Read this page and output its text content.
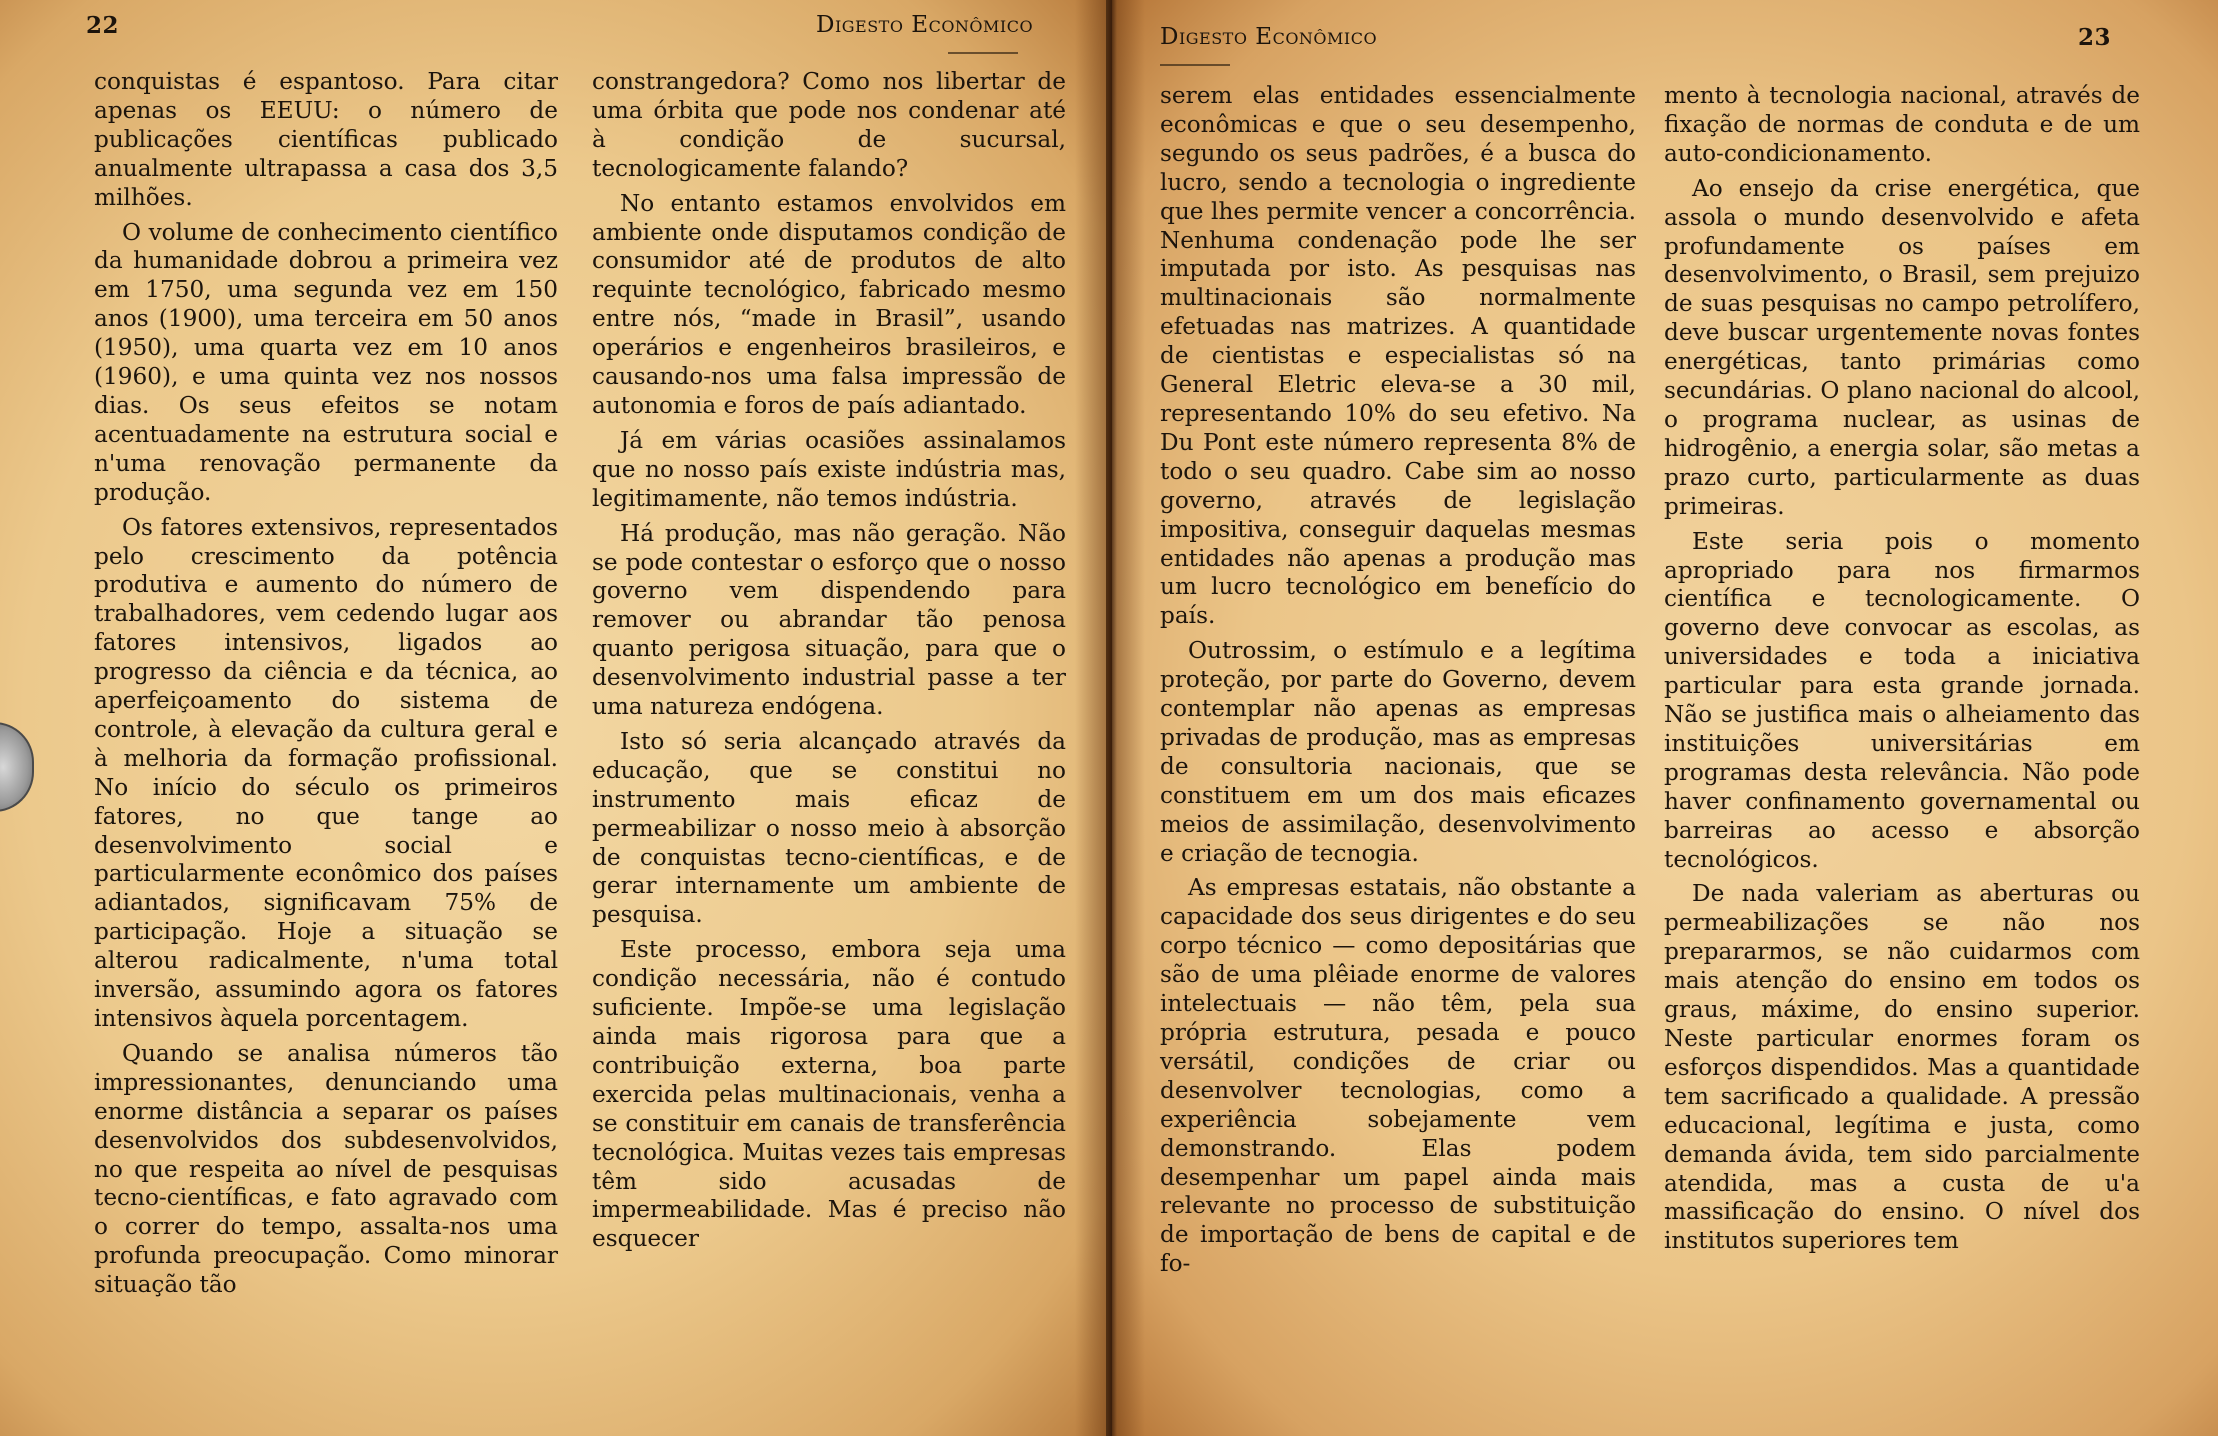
22	Digesto Econômico

conquistas é espantoso. Para citar apenas os EEUU: o número de publicações científicas publicado anualmente ultrapassa a casa dos 3,5 milhões.

O volume de conhecimento científico da humanidade dobrou a primeira vez em 1750, uma segunda vez em 150 anos (1900), uma terceira em 50 anos (1950), uma quarta vez em 10 anos (1960), e uma quinta vez nos nossos dias. Os seus efeitos se notam acentuadamente na estrutura social e n'uma renovação permanente da produção.

Os fatores extensivos, representados pelo crescimento da potência produtiva e aumento do número de trabalhadores, vem cedendo lugar aos fatores intensivos, ligados ao progresso da ciência e da técnica, ao aperfeiçoamento do sistema de controle, à elevação da cultura geral e à melhoria da formação profissional. No início do século os primeiros fatores, no que tange ao desenvolvimento social e particularmente econômico dos países adiantados, significavam 75% de participação. Hoje a situação se alterou radicalmente, n'uma total inversão, assumindo agora os fatores intensivos àquela porcentagem.

Quando se analisa números tão impressionantes, denunciando uma enorme distância a separar os países desenvolvidos dos subdesenvolvidos, no que respeita ao nível de pesquisas tecno-científicas, e fato agravado com o correr do tempo, assalta-nos uma profunda preocupação. Como minorar situação tão

constrangedora? Como nos libertar de uma órbita que pode nos condenar até à condição de sucursal, tecnologicamente falando?

No entanto estamos envolvidos em ambiente onde disputamos condição de consumidor até de produtos de alto requinte tecnológico, fabricado mesmo entre nós, “made in Brasil”, usando operários e engenheiros brasileiros, e causando-nos uma falsa impressão de autonomia e foros de país adiantado.

Já em várias ocasiões assinalamos que no nosso país existe indústria mas, legitimamente, não temos indústria.

Há produção, mas não geração. Não se pode contestar o esforço que o nosso governo vem dispendendo para remover ou abrandar tão penosa quanto perigosa situação, para que o desenvolvimento industrial passe a ter uma natureza endógena.

Isto só seria alcançado através da educação, que se constitui no instrumento mais eficaz de permeabilizar o nosso meio à absorção de conquistas tecno-científicas, e de gerar internamente um ambiente de pesquisa.

Este processo, embora seja uma condição necessária, não é contudo suficiente. Impõe-se uma legislação ainda mais rigorosa para que a contribuição externa, boa parte exercida pelas multinacionais, venha a se constituir em canais de transferência tecnológica. Muitas vezes tais empresas têm sido acusadas de impermeabilidade. Mas é preciso não esquecer

Digesto Econômico	23

serem elas entidades essencialmente econômicas e que o seu desempenho, segundo os seus padrões, é a busca do lucro, sendo a tecnologia o ingrediente que lhes permite vencer a concorrência. Nenhuma condenação pode lhe ser imputada por isto. As pesquisas nas multinacionais são normalmente efetuadas nas matrizes. A quantidade de cientistas e especialistas só na General Eletric eleva-se a 30 mil, representando 10% do seu efetivo. Na Du Pont este número representa 8% de todo o seu quadro. Cabe sim ao nosso governo, através de legislação impositiva, conseguir daquelas mesmas entidades não apenas a produção mas um lucro tecnológico em benefício do país.

Outrossim, o estímulo e a legítima proteção, por parte do Governo, devem contemplar não apenas as empresas privadas de produção, mas as empresas de consultoria nacionais, que se constituem em um dos mais eficazes meios de assimilação, desenvolvimento e criação de tecnogia.

As empresas estatais, não obstante a capacidade dos seus dirigentes e do seu corpo técnico — como depositárias que são de uma plêiade enorme de valores intelectuais — não têm, pela sua própria estrutura, pesada e pouco versátil, condições de criar ou desenvolver tecnologias, como a experiência sobejamente vem demonstrando. Elas podem desempenhar um papel ainda mais relevante no processo de substituição de importação de bens de capital e de fo-

mento à tecnologia nacional, através de fixação de normas de conduta e de um auto-condicionamento.

Ao ensejo da crise energética, que assola o mundo desenvolvido e afeta profundamente os países em desenvolvimento, o Brasil, sem prejuizo de suas pesquisas no campo petrolífero, deve buscar urgentemente novas fontes energéticas, tanto primárias como secundárias. O plano nacional do alcool, o programa nuclear, as usinas de hidrogênio, a energia solar, são metas a prazo curto, particularmente as duas primeiras.

Este seria pois o momento apropriado para nos firmarmos científica e tecnologicamente. O governo deve convocar as escolas, as universidades e toda a iniciativa particular para esta grande jornada. Não se justifica mais o alheiamento das instituições universitárias em programas desta relevância. Não pode haver confinamento governamental ou barreiras ao acesso e absorção tecnológicos.

De nada valeriam as aberturas ou permeabilizações se não nos prepararmos, se não cuidarmos com mais atenção do ensino em todos os graus, máxime, do ensino superior. Neste particular enormes foram os esforços dispendidos. Mas a quantidade tem sacrificado a qualidade. A pressão educacional, legítima e justa, como demanda ávida, tem sido parcialmente atendida, mas a custa de u'a massificação do ensino. O nível dos institutos superiores tem
